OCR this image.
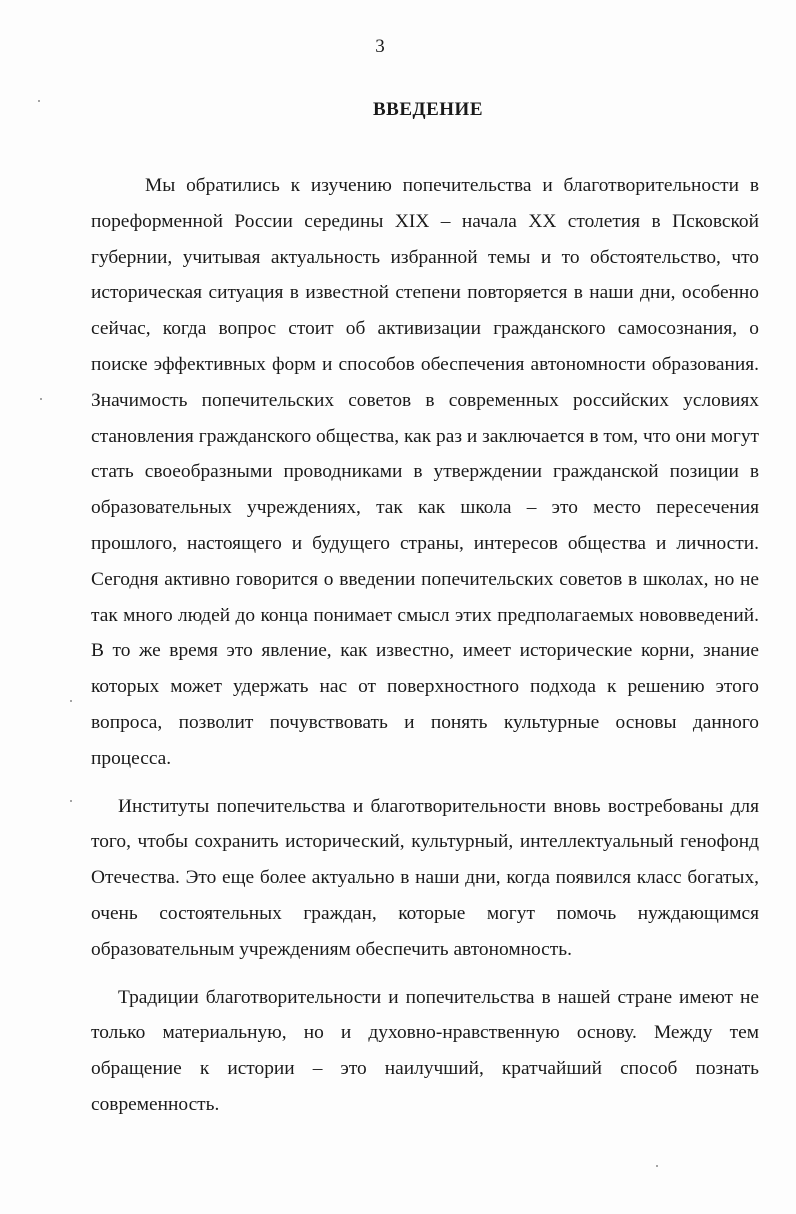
3
ВВЕДЕНИЕ

Мы обратились к изучению попечительства и благотворительности в пореформенной России середины XIX – начала XX столетия в Псковской губернии, учитывая актуальность избранной темы и то обстоятельство, что историческая ситуация в известной степени повторяется в наши дни, особенно сейчас, когда вопрос стоит об активизации гражданского самосознания, о поиске эффективных форм и способов обеспечения автономности образования. Значимость попечительских советов в современных российских условиях становления гражданского общества, как раз и заключается в том, что они могут стать своеобразными проводниками в утверждении гражданской позиции в образовательных учреждениях, так как школа – это место пересечения прошлого, настоящего и будущего страны, интересов общества и личности. Сегодня активно говорится о введении попечительских советов в школах, но не так много людей до конца понимает смысл этих предполагаемых нововведений. В то же время это явление, как известно, имеет исторические корни, знание которых может удержать нас от поверхностного подхода к решению этого вопроса, позволит почувствовать и понять культурные основы данного процесса.

Институты попечительства и благотворительности вновь востребованы для того, чтобы сохранить исторический, культурный, интеллектуальный генофонд Отечества. Это еще более актуально в наши дни, когда появился класс богатых, очень состоятельных граждан, которые могут помочь нуждающимся образовательным учреждениям обеспечить автономность.

Традиции благотворительности и попечительства в нашей стране имеют не только материальную, но и духовно-нравственную основу. Между тем обращение к истории – это наилучший, кратчайший способ познать современность.
